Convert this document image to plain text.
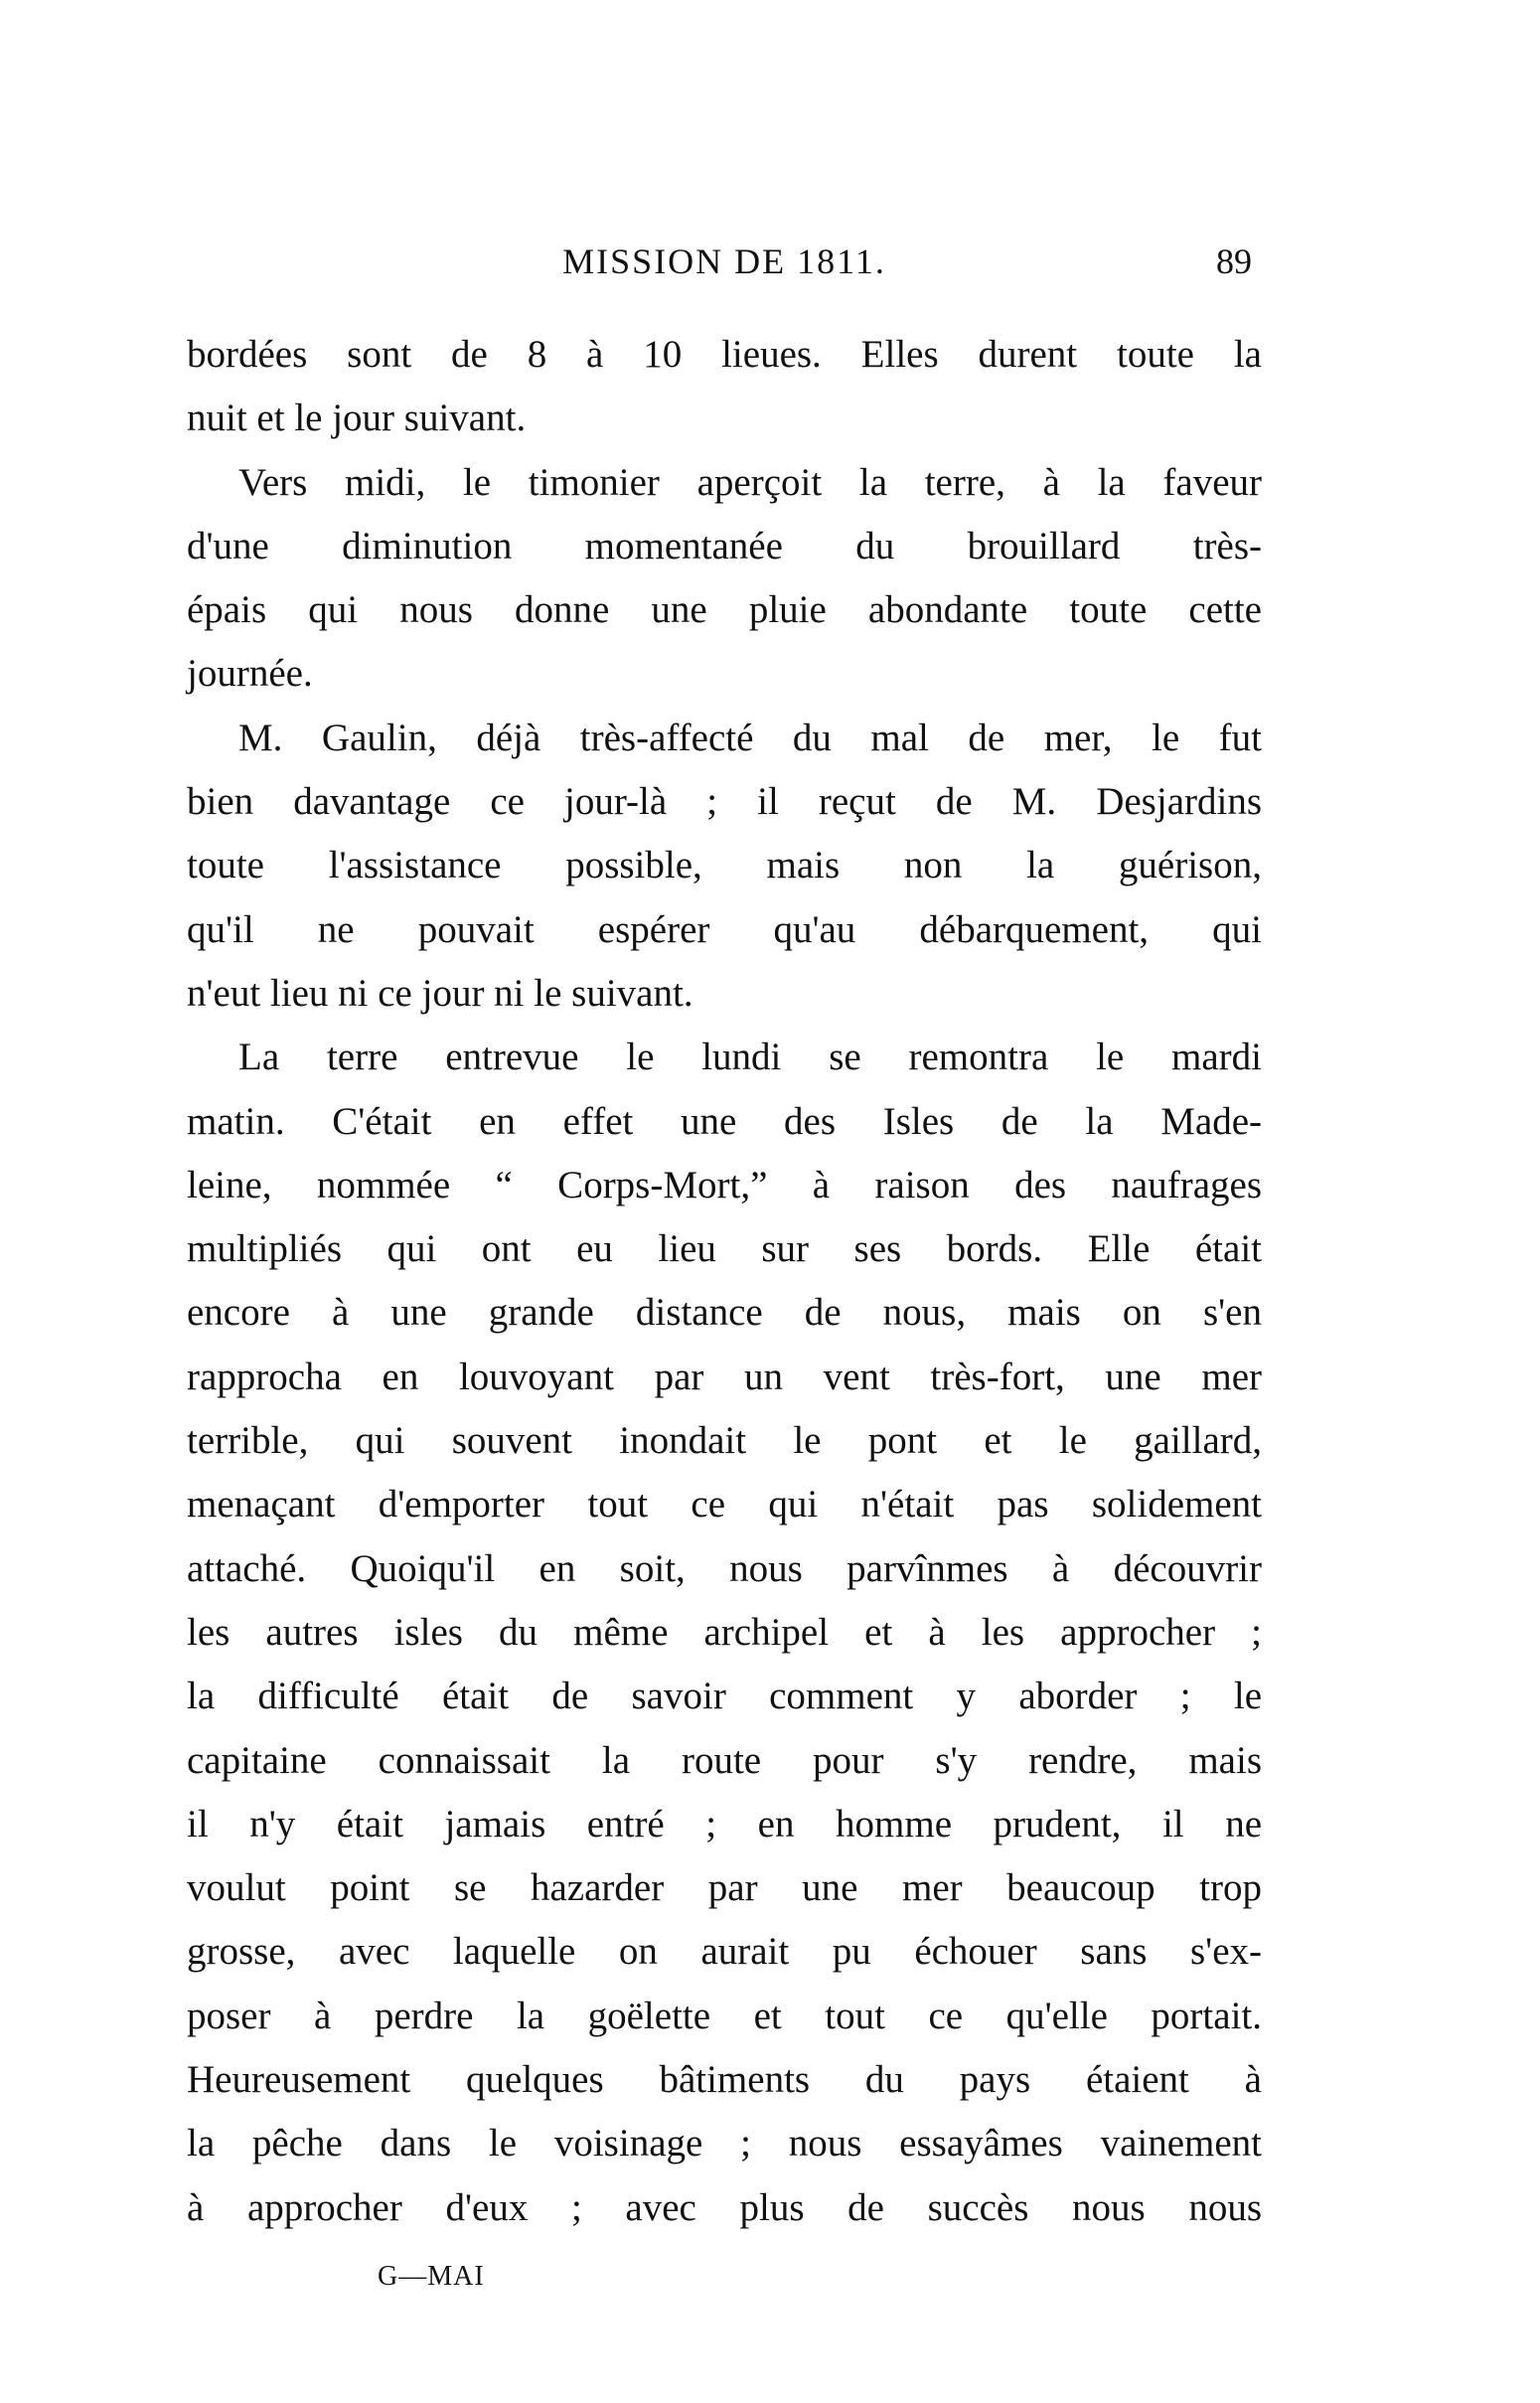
MISSION DE 1811.	89
bordées sont de 8 à 10 lieues. Elles durent toute la
nuit et le jour suivant.
Vers midi, le timonier aperçoit la terre, à la faveur
d'une diminution momentanée du brouillard très-
épais qui nous donne une pluie abondante toute cette
journée.
M. Gaulin, déjà très-affecté du mal de mer, le fut
bien davantage ce jour-là ; il reçut de M. Desjardins
toute l'assistance possible, mais non la guérison,
qu'il ne pouvait espérer qu'au débarquement, qui
n'eut lieu ni ce jour ni le suivant.
La terre entrevue le lundi se remontra le mardi
matin. C'était en effet une des Isles de la Made-
leine, nommée “ Corps-Mort,” à raison des naufrages
multipliés qui ont eu lieu sur ses bords. Elle était
encore à une grande distance de nous, mais on s'en
rapprocha en louvoyant par un vent très-fort, une mer
terrible, qui souvent inondait le pont et le gaillard,
menaçant d'emporter tout ce qui n'était pas solidement
attaché. Quoiqu'il en soit, nous parvînmes à découvrir
les autres isles du même archipel et à les approcher ;
la difficulté était de savoir comment y aborder ; le
capitaine connaissait la route pour s'y rendre, mais
il n'y était jamais entré ; en homme prudent, il ne
voulut point se hazarder par une mer beaucoup trop
grosse, avec laquelle on aurait pu échouer sans s'ex-
poser à perdre la goëlette et tout ce qu'elle portait.
Heureusement quelques bâtiments du pays étaient à
la pêche dans le voisinage ; nous essayâmes vainement
à approcher d'eux ; avec plus de succès nous nous
G—MAI
